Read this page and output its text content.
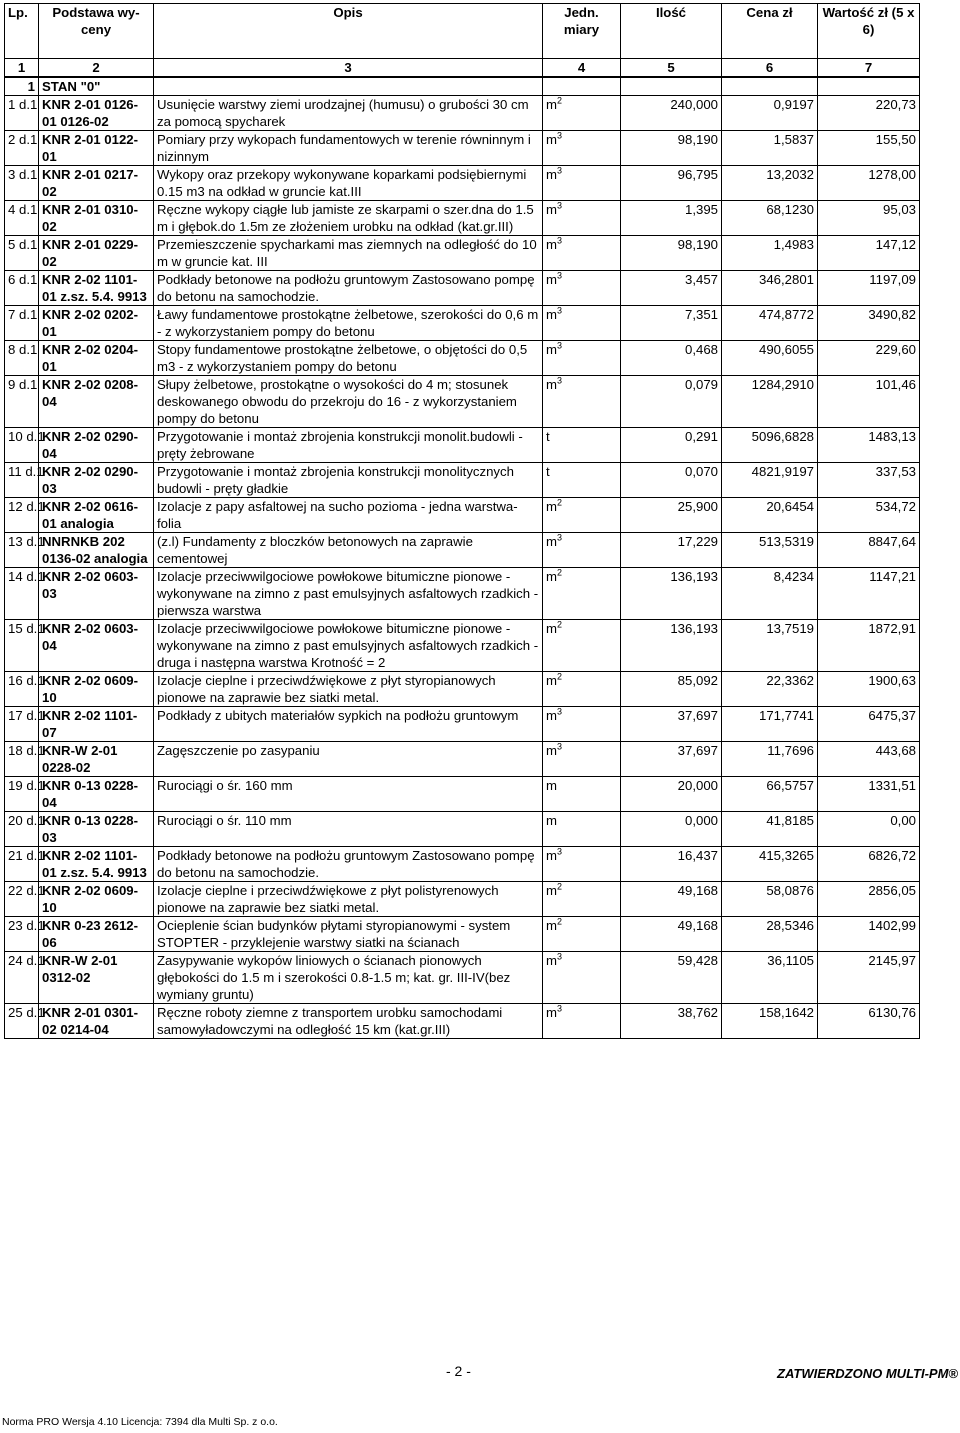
Lp.	Podstawa wy-ceny	Opis	Jedn. miary	Ilość	Cena zł	Wartość zł (5 x 6)
1	2	3	4	5	6	7
1	STAN "0"					
1 d.1	KNR 2-01 0126-01 0126-02	Usunięcie warstwy ziemi urodzajnej (humusu) o grubości 30 cm za pomocą spycharek	$m^2$	240,000	0,9197	220,73
2 d.1	KNR 2-01 0122-01	Pomiary przy wykopach fundamentowych w terenie równinnym i nizinnym	$m^3$	98,190	1,5837	155,50
3 d.1	KNR 2-01 0217-02	Wykopy oraz przekopy wykonywane koparkami podsiębiernymi 0.15 m3 na odkład w gruncie kat.III	$m^3$	96,795	13,2032	1278,00
4 d.1	KNR 2-01 0310-02	Ręczne wykopy ciągłe lub jamiste ze skarpami o szer.dna do 1.5 m i głębok.do 1.5m ze złożeniem urobku na odkład (kat.gr.III)	$m^3$	1,395	68,1230	95,03
5 d.1	KNR 2-01 0229-02	Przemieszczenie spycharkami mas ziemnych na odległość do 10 m w gruncie kat. III	$m^3$	98,190	1,4983	147,12
6 d.1	KNR 2-02 1101-01 z.sz. 5.4. 9913	Podkłady betonowe na podłożu gruntowym Zastosowano pompę do betonu na samochodzie.	$m^3$	3,457	346,2801	1197,09
7 d.1	KNR 2-02 0202-01	Ławy fundamentowe prostokątne żelbetowe, szerokości do 0,6 m - z wykorzystaniem pompy do betonu	$m^3$	7,351	474,8772	3490,82
8 d.1	KNR 2-02 0204-01	Stopy fundamentowe prostokątne żelbetowe, o objętości do 0,5 m3 - z wykorzystaniem pompy do betonu	$m^3$	0,468	490,6055	229,60
9 d.1	KNR 2-02 0208-04	Słupy żelbetowe, prostokątne o wysokości do 4 m; stosunek deskowanego obwodu do przekroju do 16 - z wykorzystaniem pompy do betonu	$m^3$	0,079	1284,2910	101,46
10 d.1	KNR 2-02 0290-04	Przygotowanie i montaż zbrojenia konstrukcji monolit.budowli - pręty żebrowane	t	0,291	5096,6828	1483,13
11 d.1	KNR 2-02 0290-03	Przygotowanie i montaż zbrojenia konstrukcji monolitycznych budowli - pręty gładkie	t	0,070	4821,9197	337,53
12 d.1	KNR 2-02 0616-01 analogia	Izolacje z papy asfaltowej na sucho pozioma - jedna warstwa-folia	$m^2$	25,900	20,6454	534,72
13 d.1	NNRNKB 202 0136-02 analogia	(z.l) Fundamenty z bloczków betonowych na zaprawie cementowej	$m^3$	17,229	513,5319	8847,64
14 d.1	KNR 2-02 0603-03	Izolacje przeciwwilgociowe powłokowe bitumiczne pionowe - wykonywane na zimno z past emulsyjnych asfaltowych rzadkich - pierwsza warstwa	$m^2$	136,193	8,4234	1147,21
15 d.1	KNR 2-02 0603-04	Izolacje przeciwwilgociowe powłokowe bitumiczne pionowe - wykonywane na zimno z past emulsyjnych asfaltowych rzadkich - druga i następna warstwa Krotność = 2	$m^2$	136,193	13,7519	1872,91
16 d.1	KNR 2-02 0609-10	Izolacje cieplne i przeciwdźwiękowe z płyt styropianowych pionowe na zaprawie bez siatki metal.	$m^2$	85,092	22,3362	1900,63
17 d.1	KNR 2-02 1101-07	Podkłady z ubitych materiałów sypkich na podłożu gruntowym	$m^3$	37,697	171,7741	6475,37
18 d.1	KNR-W 2-01 0228-02	Zagęszczenie po zasypaniu	$m^3$	37,697	11,7696	443,68
19 d.1	KNR 0-13 0228-04	Rurociągi o śr. 160 mm	m	20,000	66,5757	1331,51
20 d.1	KNR 0-13 0228-03	Rurociągi o śr. 110 mm	m	0,000	41,8185	0,00
21 d.1	KNR 2-02 1101-01 z.sz. 5.4. 9913	Podkłady betonowe na podłożu gruntowym Zastosowano pompę do betonu na samochodzie.	$m^3$	16,437	415,3265	6826,72
22 d.1	KNR 2-02 0609-10	Izolacje cieplne i przeciwdźwiękowe z płyt polistyrenowych pionowe na zaprawie bez siatki metal.	$m^2$	49,168	58,0876	2856,05
23 d.1	KNR 0-23 2612-06	Ocieplenie ścian budynków płytami styropianowymi - system STOPTER - przyklejenie warstwy siatki na ścianach	$m^2$	49,168	28,5346	1402,99
24 d.1	KNR-W 2-01 0312-02	Zasypywanie wykopów liniowych o ścianach pionowych głębokości do 1.5 m i szerokości 0.8-1.5 m; kat. gr. III-IV(bez wymiany gruntu)	$m^3$	59,428	36,1105	2145,97
25 d.1	KNR 2-01 0301-02 0214-04	Ręczne roboty ziemne z transportem urobku samochodami samowyładowczymi na odległość 15 km (kat.gr.III)	$m^3$	38,762	158,1642	6130,76
- 2 -	ZATWIERDZONO MULTI-PM®
Norma PRO Wersja 4.10 Licencja: 7394 dla Multi Sp. z o.o.
